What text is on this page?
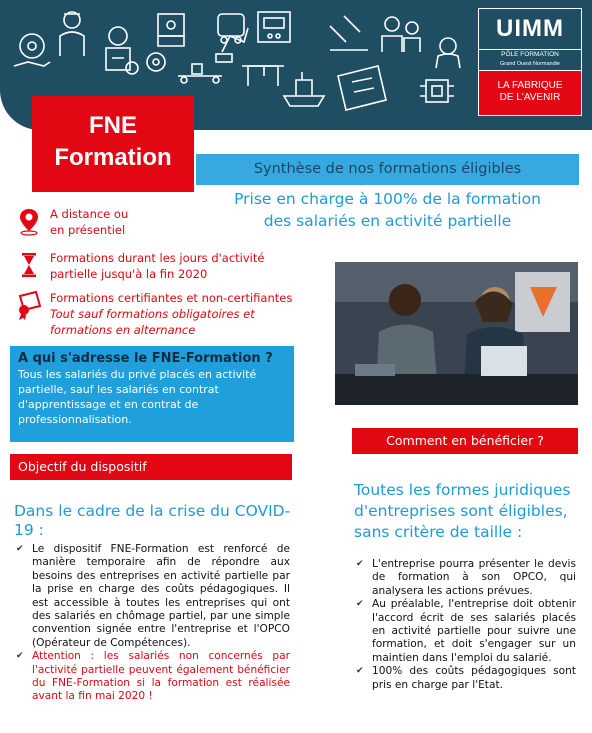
UIMM
PÔLE FORMATION
Grand Ouest Normandie
LA FABRIQUE
DE L'AVENIR
FNE
Formation	Synthèse de nos formations éligibles
Prise en charge à 100% de la formation
des salariés en activité partielle
A distance ou
en présentiel
Formations durant les jours d'activité
partielle jusqu'à la fin 2020
Formations certifiantes et non-certifiantes
Tout sauf formations obligatoires et
formations en alternance
A qui s'adresse le FNE-Formation ?

Tous les salariés du privé placés en activité partielle, sauf les salariés en contrat d'apprentissage et en contrat de professionnalisation.

Comment en bénéficier ?
Objectif du dispositif
Dans le cadre de la crise du COVID-19 :
✔ Le dispositif FNE-Formation est renforcé de manière temporaire afin de répondre aux besoins des entreprises en activité partielle par la prise en charge des coûts pédagogiques. Il est accessible à toutes les entreprises qui ont des salariés en chômage partiel, par une simple convention signée entre l'entreprise et l'OPCO (Opérateur de Compétences).
✔ Attention : les salariés non concernés par l'activité partielle peuvent également bénéficier du FNE-Formation si la formation est réalisée avant la fin mai 2020 !
Toutes les formes juridiques d'entreprises sont éligibles, sans critère de taille :
✔ L'entreprise pourra présenter le devis de formation à son OPCO, qui analysera les actions prévues.
✔ Au préalable, l'entreprise doit obtenir l'accord écrit de ses salariés placés en activité partielle pour suivre une formation, et doit s'engager sur un maintien dans l'emploi du salarié.
✔ 100% des coûts pédagogiques sont pris en charge par l'Etat.
